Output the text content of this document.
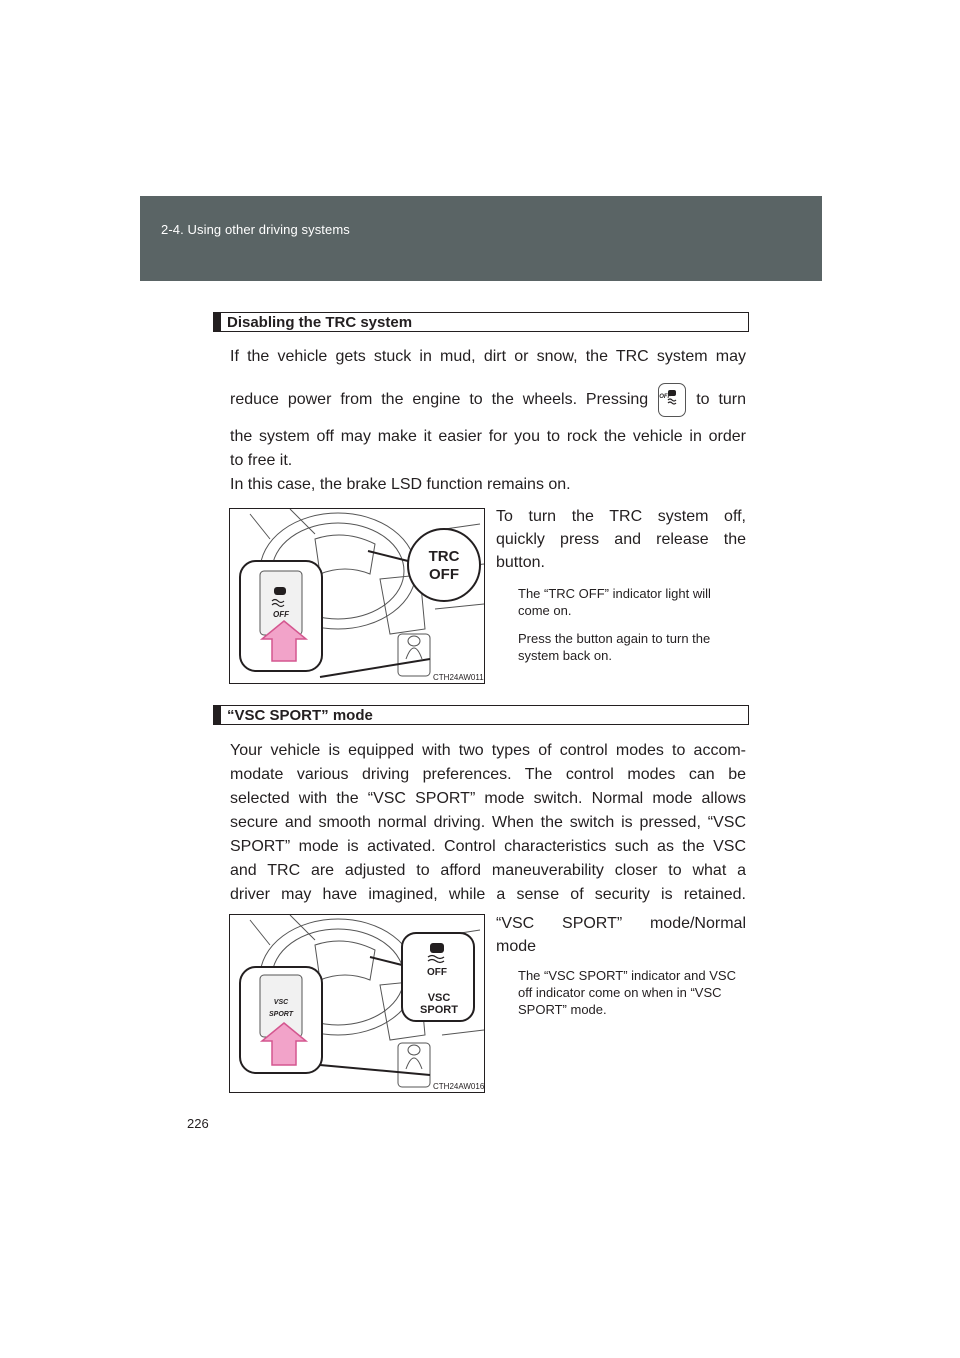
2-4. Using other driving systems
Disabling the TRC system
If the vehicle gets stuck in mud, dirt or snow, the TRC system may
reduce power from the engine to the wheels. Pressing OFF	to turn
the system off may make it easier for you to rock the vehicle in order
to free it.
In this case, the brake LSD function remains on.
OFF
TRC
OFF
CTH24AW011
To turn the TRC system off,
quickly press and release the
button.
The “TRC OFF” indicator light will come on.
Press the button again to turn the system back on.
“VSC SPORT” mode
Your vehicle is equipped with two types of control modes to accom-
modate various driving preferences. The control modes can be
selected with the “VSC SPORT” mode switch. Normal mode allows
secure and smooth normal driving. When the switch is pressed, “VSC
SPORT” mode is activated. Control characteristics such as the VSC
and TRC are adjusted to afford maneuverability closer to what a
driver may have imagined, while a sense of security is retained.
VSC
SPORT
OFF
VSC
SPORT
CTH24AW016
“VSC SPORT” mode/Normal
mode
The “VSC SPORT” indicator and VSC off indicator come on when in “VSC SPORT” mode.
226
